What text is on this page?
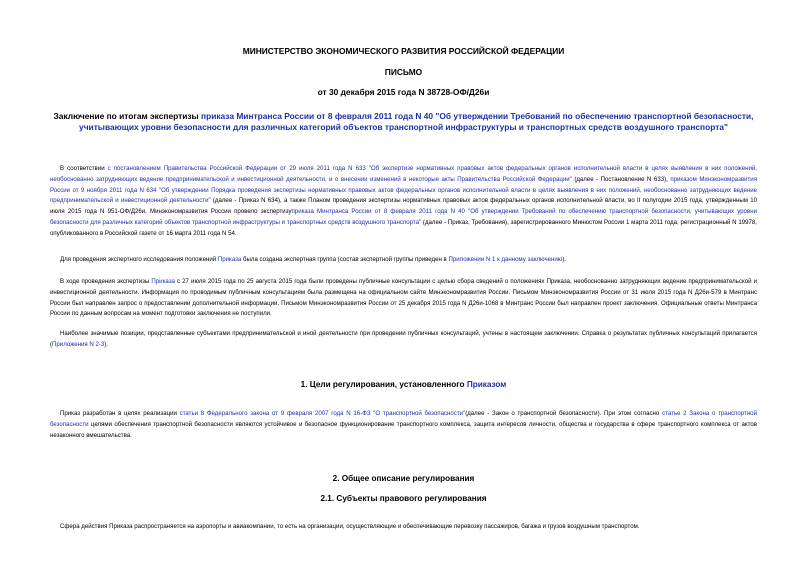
МИНИСТЕРСТВО ЭКОНОМИЧЕСКОГО РАЗВИТИЯ РОССИЙСКОЙ ФЕДЕРАЦИИ
ПИСЬМО
от 30 декабря 2015 года N 38728-ОФ/Д26и
Заключение по итогам экспертизы приказа Минтранса России от 8 февраля 2011 года N 40 "Об утверждении Требований по обеспечению транспортной безопасности, учитывающих уровни безопасности для различных категорий объектов транспортной инфраструктуры и транспортных средств воздушного транспорта"
В соответствии с постановлением Правительства Российской Федерации от 29 июля 2011 года N 633 "Об экспертизе нормативных правовых актов федеральных органов исполнительной власти в целях выявления в них положений, необоснованно затрудняющих ведение предпринимательской и инвестиционной деятельности, и о внесении изменений в некоторые акты Правительства Российской Федерации" (далее - Постановление N 633), приказом Минэкономразвития России от 9 ноября 2011 года N 634 "Об утверждении Порядка проведения экспертизы нормативных правовых актов федеральных органов исполнительной власти в целях выявления в них положений, необоснованно затрудняющих ведение предпринимательской и инвестиционной деятельности" (далее - Приказ N 634), а также Планом проведения экспертизы нормативных правовых актов федеральных органов исполнительной власти, во II полугодии 2015 года, утвержденным 10 июля 2015 года N 951-ОФ/Д26и, Минэкономразвития России провело экспертизуприказа Минтранса России от 8 февраля 2011 года N 40 "Об утверждении Требований по обеспечению транспортной безопасности, учитывающих уровни безопасности для различных категорий объектов транспортной инфраструктуры и транспортных средств воздушного транспорта" (далее - Приказ, Требования), зарегистрированного Минюстом России 1 марта 2011 года, регистрационный N 19978, опубликованного в Российской газете от 16 марта 2011 года N 54.
Для проведения экспертного исследования положений Приказа была создана экспертная группа (состав экспертной группы приведен в Приложении N 1 к данному заключению).
В ходе проведения экспертизы Приказа с 27 июля 2015 года по 25 августа 2015 года были проведены публичные консультации с целью сбора сведений о положениях Приказа, необоснованно затрудняющих ведение предпринимательской и инвестиционной деятельности. Информация по проводимым публичным консультациям была размещена на официальном сайте Минэкономразвития России. Письмом Минэкономразвития России от 31 июля 2015 года N Д26и-579 в Минтранс России был направлен запрос о предоставлении дополнительной информации. Письмом Минэкономразвития России от 25 декабря 2015 года N Д26и-1068 в Минтранс России был направлен проект заключения. Официальные ответы Минтранса России по данным вопросам на момент подготовки заключения не поступили.
Наиболее значимые позиции, представленные субъектами предпринимательской и иной деятельности при проведении публичных консультаций, учтены в настоящем заключении. Справка о результатах публичных консультаций прилагается (Приложения N 2-3).
1. Цели регулирования, установленного Приказом
Приказ разработан в целях реализации статьи 8 Федерального закона от 9 февраля 2007 года N 16-ФЗ "О транспортной безопасности"(далее - Закон о транспортной безопасности). При этом согласно статье 2 Закона о транспортной безопасности целями обеспечения транспортной безопасности являются устойчивое и безопасное функционирование транспортного комплекса, защита интересов личности, общества и государства в сфере транспортного комплекса от актов незаконного вмешательства.
2. Общее описание регулирования
2.1. Субъекты правового регулирования
Сфера действия Приказа распространяется на аэропорты и авиакомпании, то есть на организации, осуществляющие и обеспечивающие перевозку пассажиров, багажа и грузов воздушным транспортом.
